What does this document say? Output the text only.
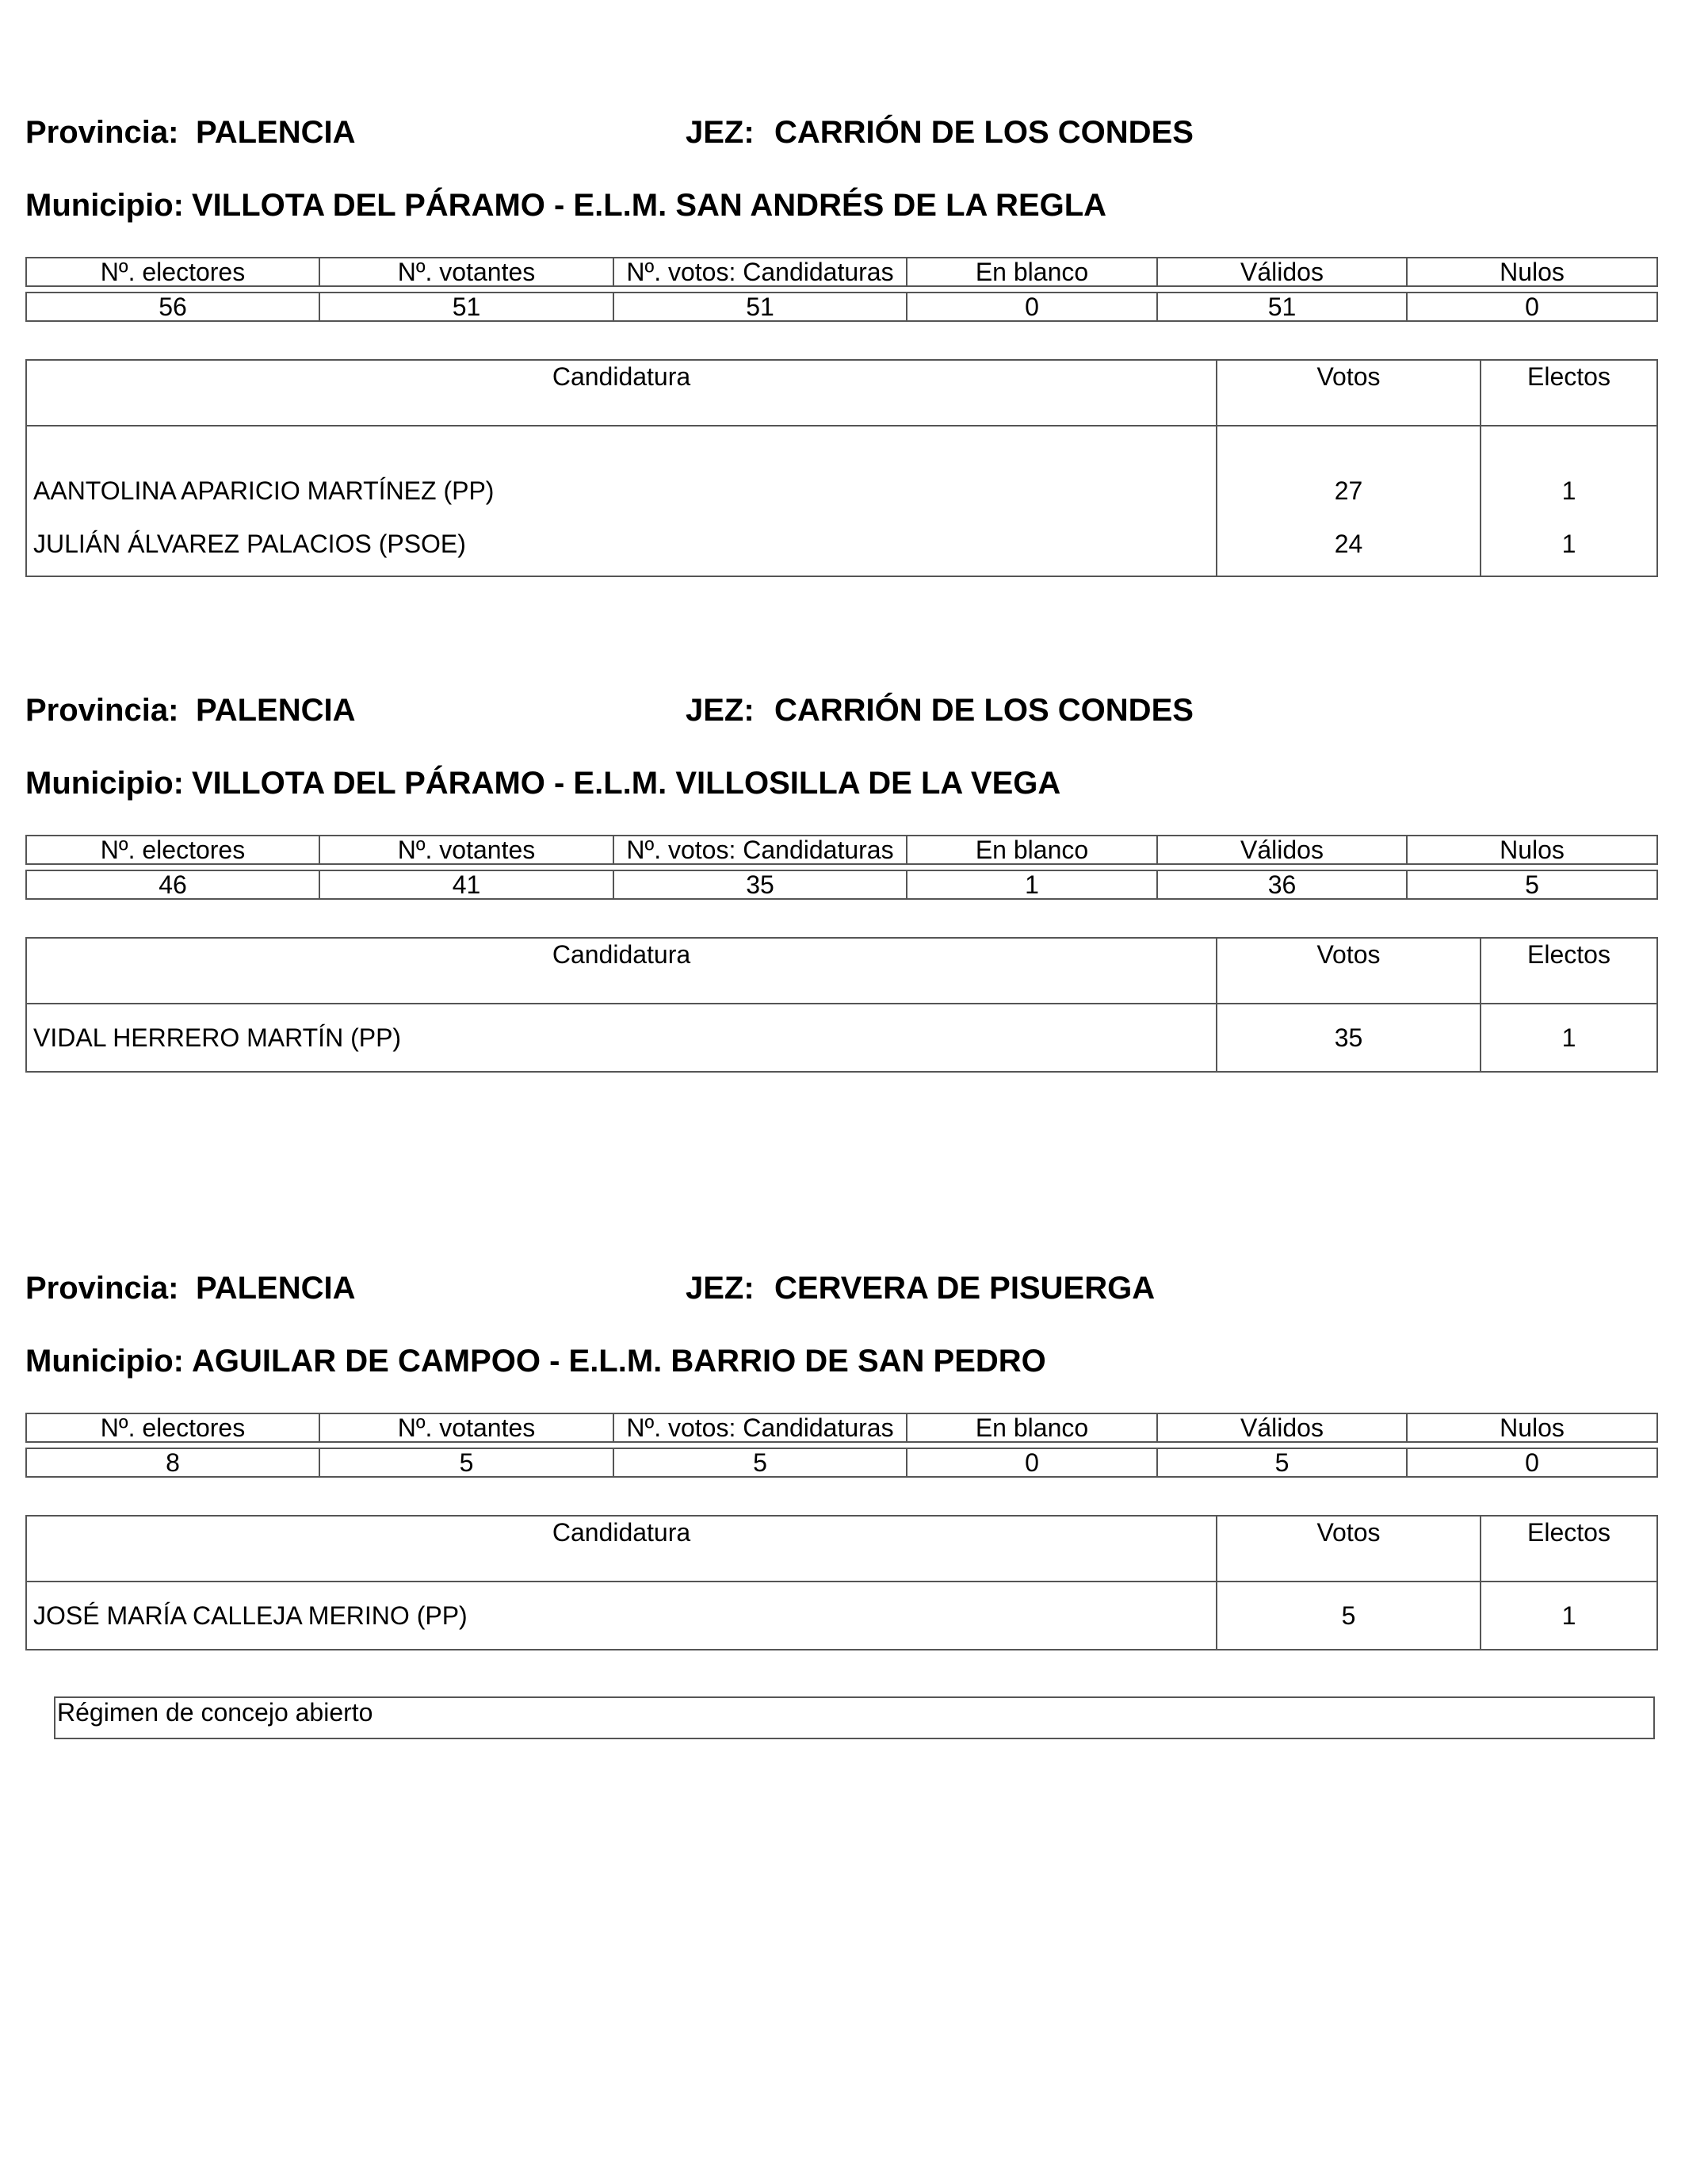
Provincia: PALENCIA	JEZ: CARRIÓN DE LOS CONDES
Municipio: VILLOTA DEL PÁRAMO - E.L.M. SAN ANDRÉS DE LA REGLA
Nº. electores	Nº. votantes	Nº. votos: Candidaturas	En blanco	Válidos	Nulos

56	51	51	0	51	0
Candidatura	Votos	Electos
AANTOLINA APARICIO MARTÍNEZ (PP)	27	1
JULIÁN ÁLVAREZ PALACIOS (PSOE)	24	1
Provincia: PALENCIA	JEZ: CARRIÓN DE LOS CONDES
Municipio: VILLOTA DEL PÁRAMO - E.L.M. VILLOSILLA DE LA VEGA
Nº. electores	Nº. votantes	Nº. votos: Candidaturas	En blanco	Válidos	Nulos

46	41	35	1	36	5
Candidatura	Votos	Electos
VIDAL HERRERO MARTÍN (PP)	35	1
Provincia: PALENCIA	JEZ: CERVERA DE PISUERGA
Municipio: AGUILAR DE CAMPOO - E.L.M. BARRIO DE SAN PEDRO
Nº. electores	Nº. votantes	Nº. votos: Candidaturas	En blanco	Válidos	Nulos

8	5	5	0	5	0
Candidatura	Votos	Electos
JOSÉ MARÍA CALLEJA MERINO (PP)	5	1
Régimen de concejo abierto
